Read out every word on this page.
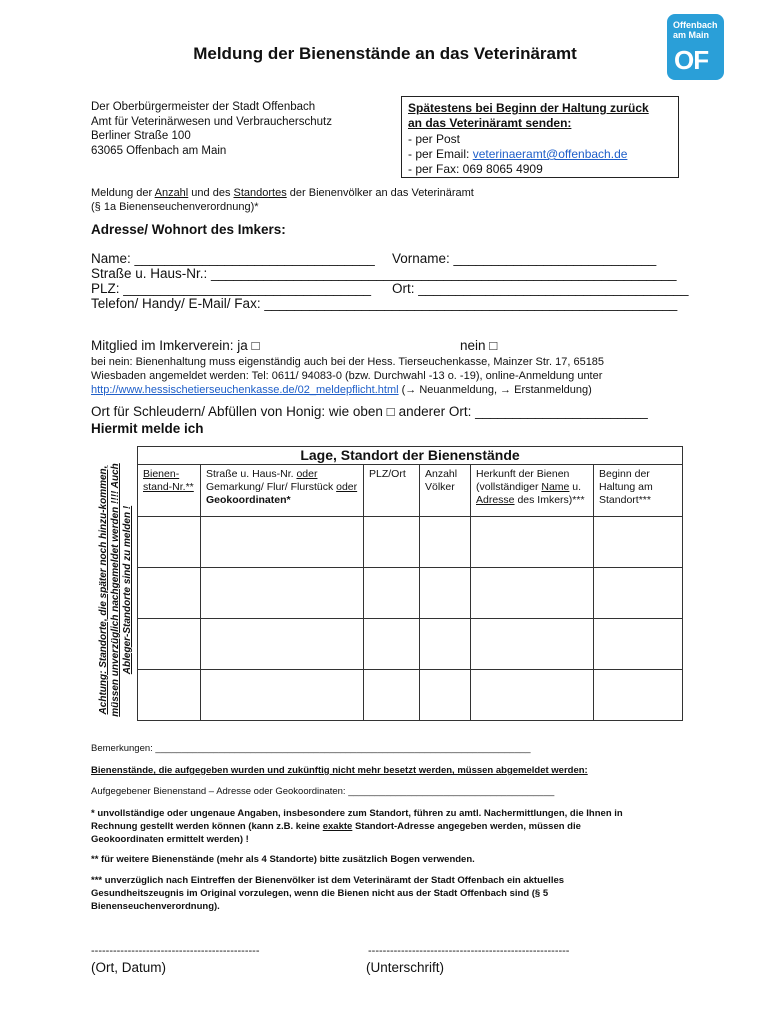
Offenbach
am Main
OF
Meldung der Bienenstände an das Veterinäramt
Der Oberbürgermeister der Stadt Offenbach
Amt für Veterinärwesen und Verbraucherschutz
Berliner Straße 100
63065 Offenbach am Main
Spätestens bei Beginn der Haltung zurück
an das Veterinäramt senden:
- per Post
- per Email: veterinaeramt@offenbach.de
- per Fax: 069 8065 4909
Meldung der Anzahl und des Standortes der Bienenvölker an das Veterinäramt
(§ 1a Bienenseuchenverordnung)*
Adresse/ Wohnort des Imkers:
Name: ________________________________ Vorname: ___________________________
Straße u. Haus-Nr.: ______________________________________________________________
PLZ: _________________________________ Ort: ____________________________________
Telefon/ Handy/ E-Mail/ Fax: _______________________________________________________
Mitglied im Imkerverein: ja □	nein □
bei nein: Bienenhaltung muss eigenständig auch bei der Hess. Tierseuchenkasse, Mainzer Str. 17, 65185
Wiesbaden angemeldet werden: Tel: 0611/ 94083-0 (bzw. Durchwahl -13 o. -19), online-Anmeldung unter
http://www.hessischetierseuchenkasse.de/02_meldepflicht.html (→ Neuanmeldung, → Erstanmeldung)
Ort für Schleudern/ Abfüllen von Honig: wie oben □ anderer Ort: _______________________
Hiermit melde ich
Achtung: Standorte, die später noch hinzu-kommen, müssen unverzüglich nachgemeldet werden !!!! Auch Ableger-Standorte sind zu melden !
Lage, Standort der Bienenstände					
Bienen-stand-Nr.**	Straße u. Haus-Nr. oder Gemarkung/ Flur/ Flurstück oder Geokoordinaten*	PLZ/Ort	Anzahl Völker	Herkunft der Bienen (vollständiger Name u. Adresse des Imkers)***	Beginn der Haltung am Standort***

Bemerkungen: _______________________________________________________________________
Bienenstände, die aufgegeben wurden und zukünftig nicht mehr besetzt werden, müssen abgemeldet werden:
Aufgegebener Bienenstand – Adresse oder Geokoordinaten: _______________________________________
* unvollständige oder ungenaue Angaben, insbesondere zum Standort, führen zu amtl. Nachermittlungen, die Ihnen in Rechnung gestellt werden können (kann z.B. keine exakte Standort-Adresse angegeben werden, müssen die Geokoordinaten ermittelt werden) !
** für weitere Bienenstände (mehr als 4 Standorte) bitte zusätzlich Bogen verwenden.
*** unverzüglich nach Eintreffen der Bienenvölker ist dem Veterinäramt der Stadt Offenbach ein aktuelles Gesundheitszeugnis im Original vorzulegen, wenn die Bienen nicht aus der Stadt Offenbach sind (§ 5 Bienenseuchenverordnung).
----------------------------------------------	-------------------------------------------------------
(Ort, Datum)	(Unterschrift)
